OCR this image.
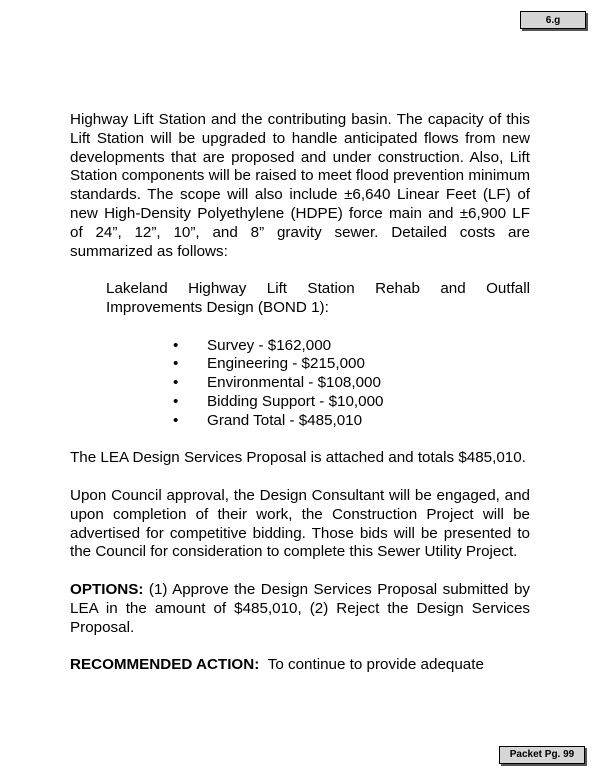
6.g

Highway Lift Station and the contributing basin. The capacity of this Lift Station will be upgraded to handle anticipated flows from new developments that are proposed and under construction. Also, Lift Station components will be raised to meet flood prevention minimum standards. The scope will also include ±6,640 Linear Feet (LF) of new High-Density Polyethylene (HDPE) force main and ±6,900 LF of 24”, 12”, 10”, and 8” gravity sewer. Detailed costs are summarized as follows:

Lakeland Highway Lift Station Rehab and Outfall Improvements Design (BOND 1):

• Survey - $162,000
• Engineering - $215,000
• Environmental - $108,000
• Bidding Support - $10,000
• Grand Total - $485,010

The LEA Design Services Proposal is attached and totals $485,010.

Upon Council approval, the Design Consultant will be engaged, and upon completion of their work, the Construction Project will be advertised for competitive bidding. Those bids will be presented to the Council for consideration to complete this Sewer Utility Project.

OPTIONS: (1) Approve the Design Services Proposal submitted by LEA in the amount of $485,010, (2) Reject the Design Services Proposal.

RECOMMENDED ACTION: To continue to provide adequate

Packet Pg. 99
